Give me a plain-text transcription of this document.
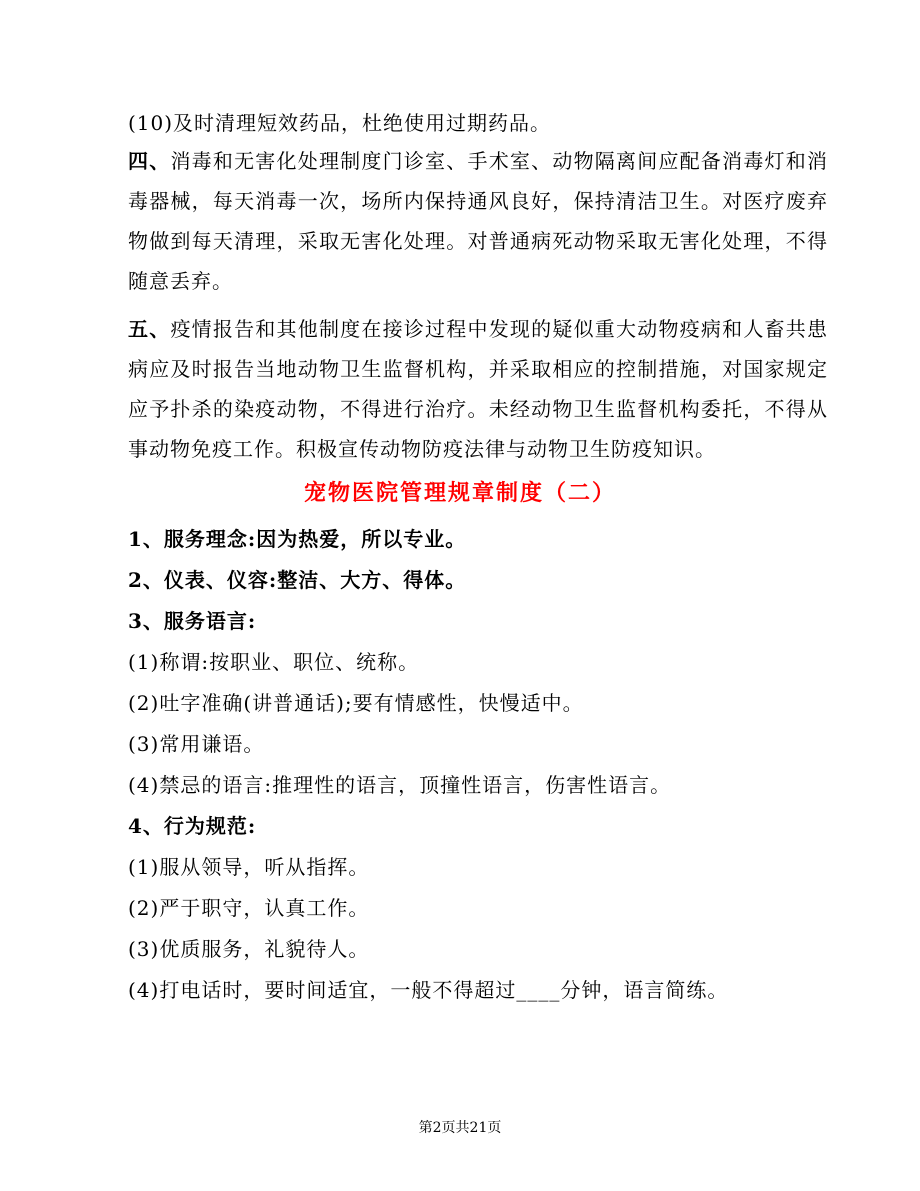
(10)及时清理短效药品，杜绝使用过期药品。

四、消毒和无害化处理制度门诊室、手术室、动物隔离间应配备消毒灯和消毒器械，每天消毒一次，场所内保持通风良好，保持清洁卫生。对医疗废弃物做到每天清理，采取无害化处理。对普通病死动物采取无害化处理，不得随意丢弃。

五、疫情报告和其他制度在接诊过程中发现的疑似重大动物疫病和人畜共患病应及时报告当地动物卫生监督机构，并采取相应的控制措施，对国家规定应予扑杀的染疫动物，不得进行治疗。未经动物卫生监督机构委托，不得从事动物免疫工作。积极宣传动物防疫法律与动物卫生防疫知识。

宠物医院管理规章制度（二）

1、服务理念:因为热爱，所以专业。

2、仪表、仪容:整洁、大方、得体。

3、服务语言:

(1)称谓:按职业、职位、统称。

(2)吐字准确(讲普通话);要有情感性，快慢适中。

(3)常用谦语。

(4)禁忌的语言:推理性的语言，顶撞性语言，伤害性语言。

4、行为规范:

(1)服从领导，听从指挥。

(2)严于职守，认真工作。

(3)优质服务，礼貌待人。

(4)打电话时，要时间适宜，一般不得超过____分钟，语言简练。

第2页共21页
